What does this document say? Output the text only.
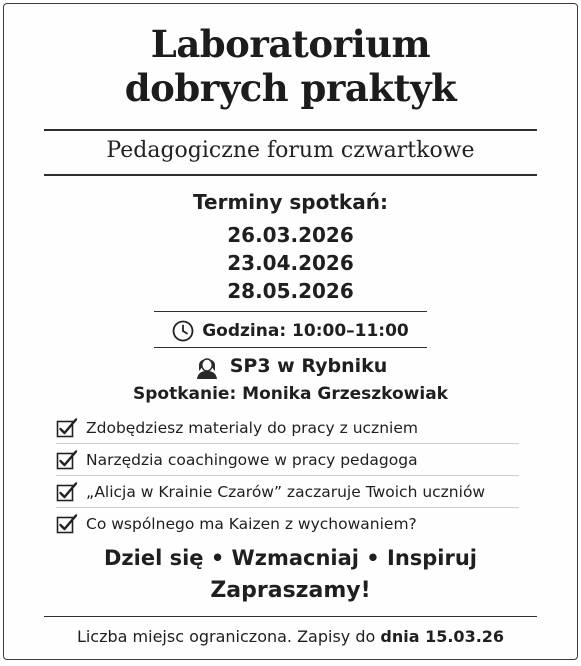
Laboratorium
dobrych praktyk
Pedagogiczne forum czwartkowe
Terminy spotkań:
26.03.2026
23.04.2026
28.05.2026
Godzina: 10:00–11:00
SP3 w Rybniku
Spotkanie: Monika Grzeszkowiak
Zdobędziesz materialy do pracy z uczniem
Narzędzia coachingowe w pracy pedagoga
„Alicja w Krainie Czarów” zaczaruje Twoich uczniów
Co wspólnego ma Kaizen z wychowaniem?
Dziel się • Wzmacniaj • Inspiruj
Zapraszamy!
Liczba miejsc ograniczona. Zapisy do dnia 15.03.26
